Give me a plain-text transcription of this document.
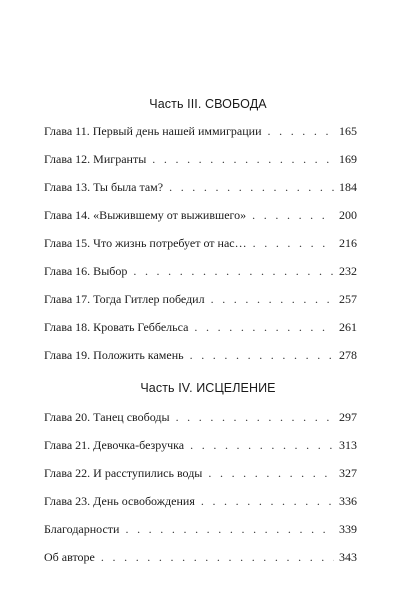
Часть III. СВОБОДА
Глава 11. Первый день нашей иммиграции . . .	165
Глава 12. Мигранты . . .	169
Глава 13. Ты была там? . . .	184
Глава 14. «Выжившему от выжившего» . . .	200
Глава 15. Что жизнь потребует от нас… . . .	216
Глава 16. Выбор . . .	232
Глава 17. Тогда Гитлер победил . . .	257
Глава 18. Кровать Геббельса . . .	261
Глава 19. Положить камень . . .	278
Часть IV. ИСЦЕЛЕНИЕ
Глава 20. Танец свободы . . .	297
Глава 21. Девочка-безручка . . .	313
Глава 22. И расступились воды . . .	327
Глава 23. День освобождения . . .	336
Благодарности . . .	339
Об авторе . . .	343
